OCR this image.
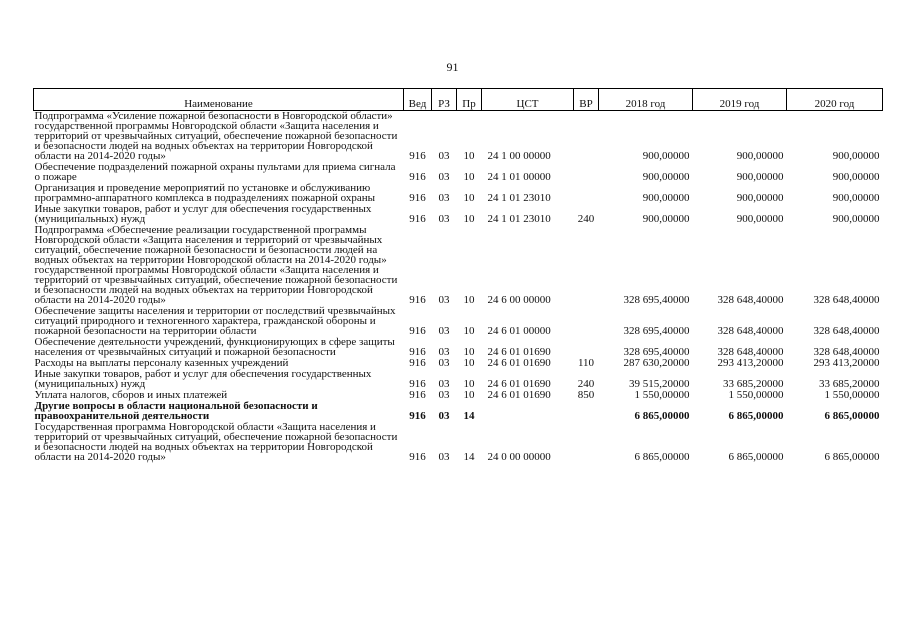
91
Наименование	Вед	РЗ	Пр	ЦСТ	ВР	2018 год	2019 год	2020 год
Подпрограмма «Усиление пожарной безопасности в Новгородской области» государственной программы Новгородской области «Защита населения и территорий от чрезвычайных ситуаций, обеспечение пожарной безопасности и безопасности людей на водных объектах на территории Новгородской области на 2014-2020 годы»	916	03	10	24 1 00 00000		900,00000	900,00000	900,00000
Обеспечение подразделений пожарной охраны пультами для приема сигнала о пожаре	916	03	10	24 1 01 00000		900,00000	900,00000	900,00000
Организация и проведение мероприятий по установке и обслуживанию программно-аппаратного комплекса в подразделениях пожарной охраны	916	03	10	24 1 01 23010		900,00000	900,00000	900,00000
Иные закупки товаров, работ и услуг для обеспечения государственных (муниципальных) нужд	916	03	10	24 1 01 23010	240	900,00000	900,00000	900,00000
Подпрограмма «Обеспечение реализации государственной программы Новгородской области «Защита населения и территорий от чрезвычайных ситуаций, обеспечение пожарной безопасности и безопасности людей на водных объектах на территории Новгородской области на 2014-2020 годы» государственной программы Новгородской области «Защита населения и территорий от чрезвычайных ситуаций, обеспечение пожарной безопасности и безопасности людей на водных объектах на территории Новгородской области на 2014-2020 годы»	916	03	10	24 6 00 00000		328 695,40000	328 648,40000	328 648,40000
Обеспечение защиты населения и территории от последствий чрезвычайных ситуаций природного и техногенного характера, гражданской обороны и пожарной безопасности на территории области	916	03	10	24 6 01 00000		328 695,40000	328 648,40000	328 648,40000
Обеспечение деятельности учреждений, функционирующих в сфере защиты населения от чрезвычайных ситуаций и пожарной безопасности	916	03	10	24 6 01 01690		328 695,40000	328 648,40000	328 648,40000
Расходы на выплаты персоналу казенных учреждений	916	03	10	24 6 01 01690	110	287 630,20000	293 413,20000	293 413,20000
Иные закупки товаров, работ и услуг для обеспечения государственных (муниципальных) нужд	916	03	10	24 6 01 01690	240	39 515,20000	33 685,20000	33 685,20000
Уплата налогов, сборов и иных платежей	916	03	10	24 6 01 01690	850	1 550,00000	1 550,00000	1 550,00000
Другие вопросы в области национальной безопасности и правоохранительной деятельности	916	03	14			6 865,00000	6 865,00000	6 865,00000
Государственная программа Новгородской области «Защита населения и территорий от чрезвычайных ситуаций, обеспечение пожарной безопасности и безопасности людей на водных объектах на территории Новгородской области на 2014-2020 годы»	916	03	14	24 0 00 00000		6 865,00000	6 865,00000	6 865,00000
